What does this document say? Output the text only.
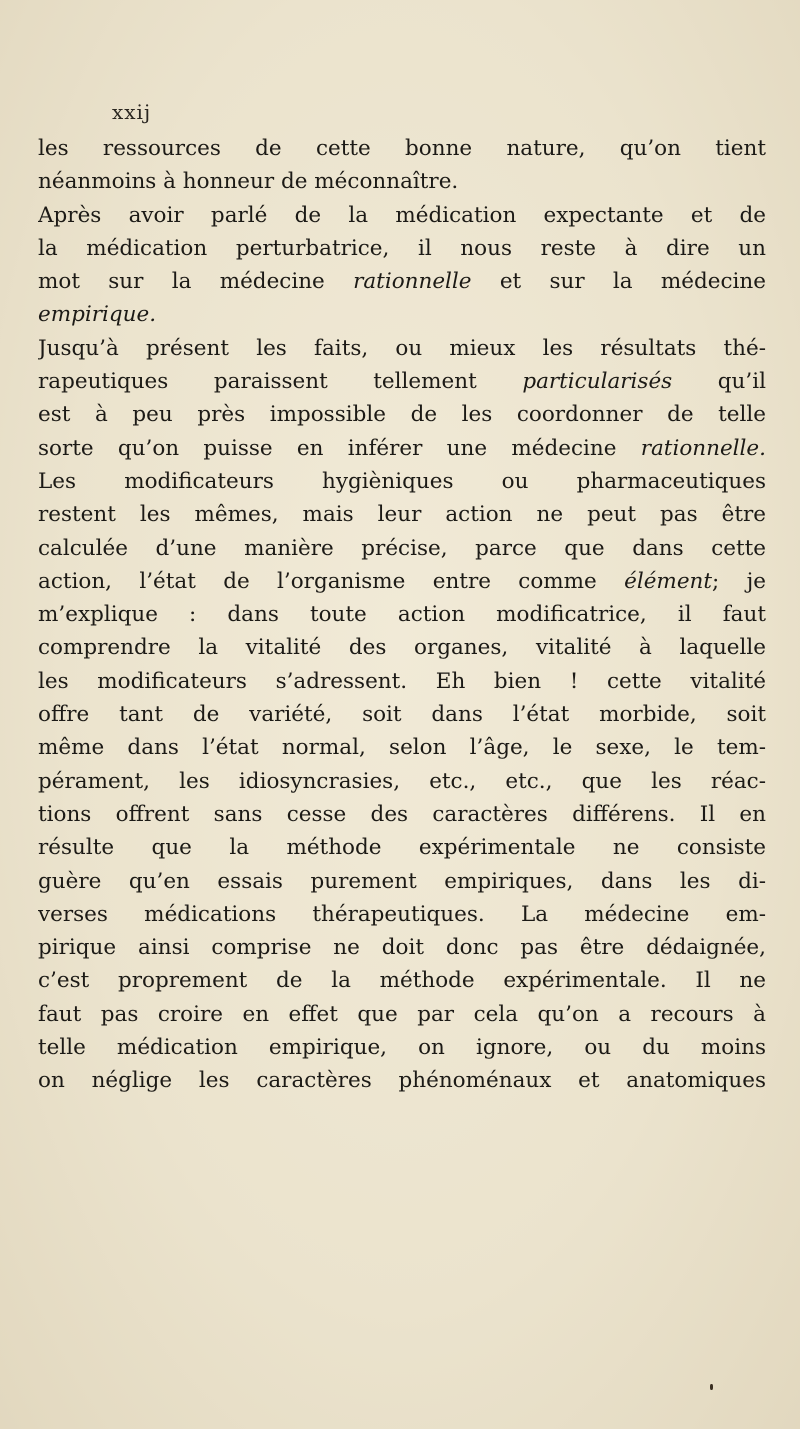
xxij
les ressources de cette bonne nature, qu’on tient
néanmoins à honneur de méconnaître.
Après avoir parlé de la médication expectante et de
la médication perturbatrice, il nous reste à dire un
mot sur la médecine rationnelle et sur la médecine
empirique.
Jusqu’à présent les faits, ou mieux les résultats thé-
rapeutiques paraissent tellement particularisés qu’il
est à peu près impossible de les coordonner de telle
sorte qu’on puisse en inférer une médecine rationnelle.
Les modificateurs hygièniques ou pharmaceutiques
restent les mêmes, mais leur action ne peut pas être
calculée d’une manière précise, parce que dans cette
action, l’état de l’organisme entre comme élément; je
m’explique : dans toute action modificatrice, il faut
comprendre la vitalité des organes, vitalité à laquelle
les modificateurs s’adressent. Eh bien ! cette vitalité
offre tant de variété, soit dans l’état morbide, soit
même dans l’état normal, selon l’âge, le sexe, le tem-
pérament, les idiosyncrasies, etc., etc., que les réac-
tions offrent sans cesse des caractères différens. Il en
résulte que la méthode expérimentale ne consiste
guère qu’en essais purement empiriques, dans les di-
verses médications thérapeutiques. La médecine em-
pirique ainsi comprise ne doit donc pas être dédaignée,
c’est proprement de la méthode expérimentale. Il ne
faut pas croire en effet que par cela qu’on a recours à
telle médication empirique, on ignore, ou du moins
on néglige les caractères phénoménaux et anatomiques
